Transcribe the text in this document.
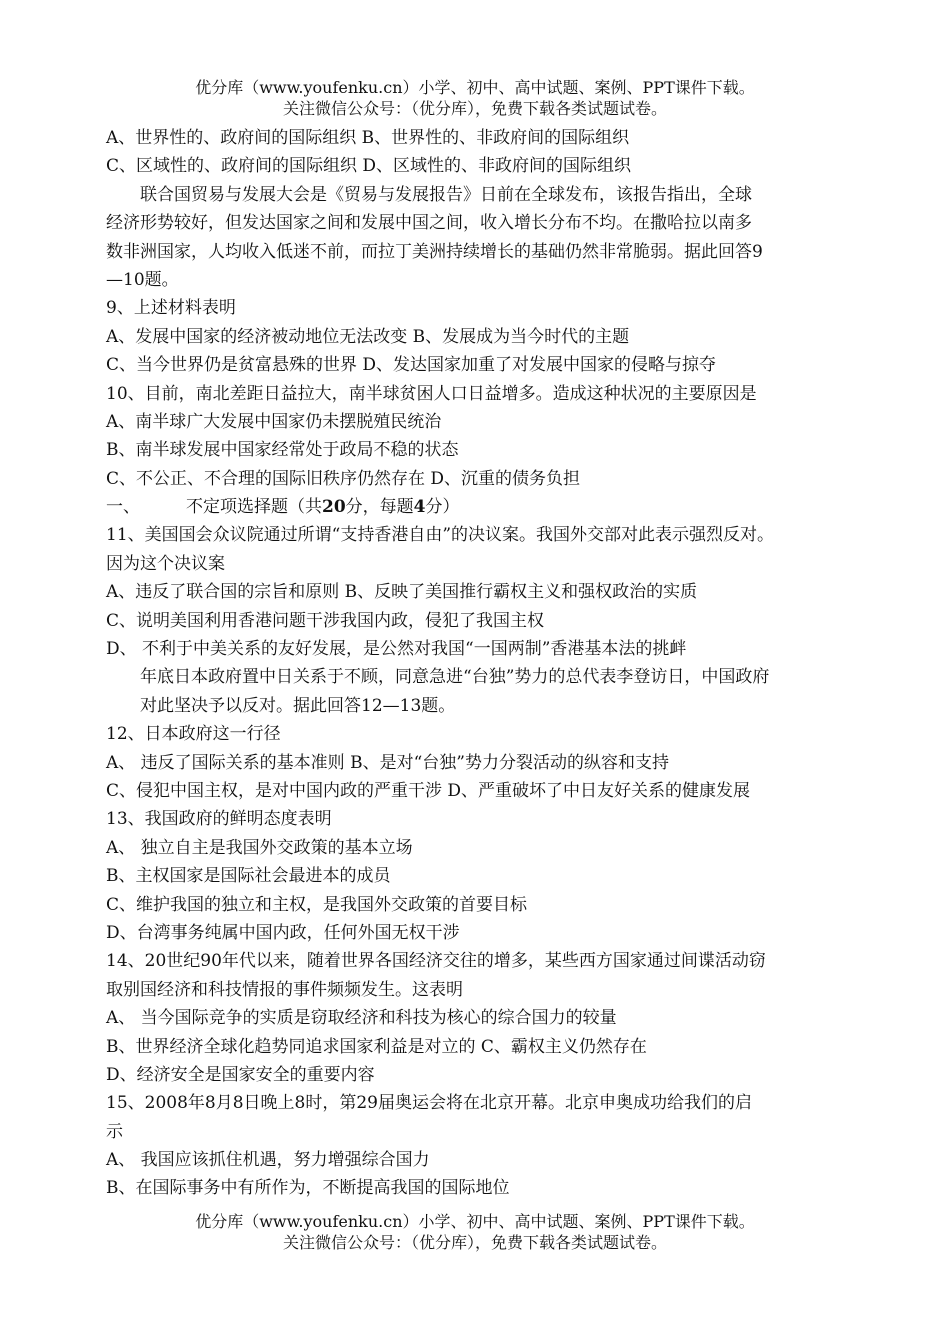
优分库（www.youfenku.cn）小学、初中、高中试题、案例、PPT课件下载。
关注微信公众号：（优分库），免费下载各类试题试卷。
A、世界性的、政府间的国际组织 B、世界性的、非政府间的国际组织
C、区域性的、政府间的国际组织 D、区域性的、非政府间的国际组织
联合国贸易与发展大会是《贸易与发展报告》日前在全球发布，该报告指出，全球
经济形势较好，但发达国家之间和发展中国之间，收入增长分布不均。在撒哈拉以南多
数非洲国家，人均收入低迷不前，而拉丁美洲持续增长的基础仍然非常脆弱。据此回答9
—10题。
9、上述材料表明
A、发展中国家的经济被动地位无法改变 B、发展成为当今时代的主题
C、当今世界仍是贫富悬殊的世界 D、发达国家加重了对发展中国家的侵略与掠夺
10、目前，南北差距日益拉大，南半球贫困人口日益增多。造成这种状况的主要原因是
A、南半球广大发展中国家仍未摆脱殖民统治
B、南半球发展中国家经常处于政局不稳的状态
C、不公正、不合理的国际旧秩序仍然存在 D、沉重的债务负担
一、	不定项选择题（共20分，每题4分）
11、美国国会众议院通过所谓“支持香港自由”的决议案。我国外交部对此表示强烈反对。
因为这个决议案
A、违反了联合国的宗旨和原则 B、反映了美国推行霸权主义和强权政治的实质
C、说明美国利用香港问题干涉我国内政，侵犯了我国主权
D、 不利于中美关系的友好发展，是公然对我国“一国两制”香港基本法的挑衅
年底日本政府置中日关系于不顾，同意急进“台独”势力的总代表李登访日，中国政府
对此坚决予以反对。据此回答12—13题。
12、日本政府这一行径
A、 违反了国际关系的基本准则 B、是对“台独”势力分裂活动的纵容和支持
C、侵犯中国主权，是对中国内政的严重干涉 D、严重破坏了中日友好关系的健康发展
13、我国政府的鲜明态度表明
A、 独立自主是我国外交政策的基本立场
B、主权国家是国际社会最进本的成员
C、维护我国的独立和主权，是我国外交政策的首要目标
D、台湾事务纯属中国内政，任何外国无权干涉
14、20世纪90年代以来，随着世界各国经济交往的增多，某些西方国家通过间谍活动窃
取别国经济和科技情报的事件频频发生。这表明
A、 当今国际竞争的实质是窃取经济和科技为核心的综合国力的较量
B、世界经济全球化趋势同追求国家利益是对立的 C、霸权主义仍然存在
D、经济安全是国家安全的重要内容
15、2008年8月8日晚上8时，第29届奥运会将在北京开幕。北京申奥成功给我们的启
示
A、 我国应该抓住机遇，努力增强综合国力
B、在国际事务中有所作为，不断提高我国的国际地位
优分库（www.youfenku.cn）小学、初中、高中试题、案例、PPT课件下载。
关注微信公众号：（优分库），免费下载各类试题试卷。
